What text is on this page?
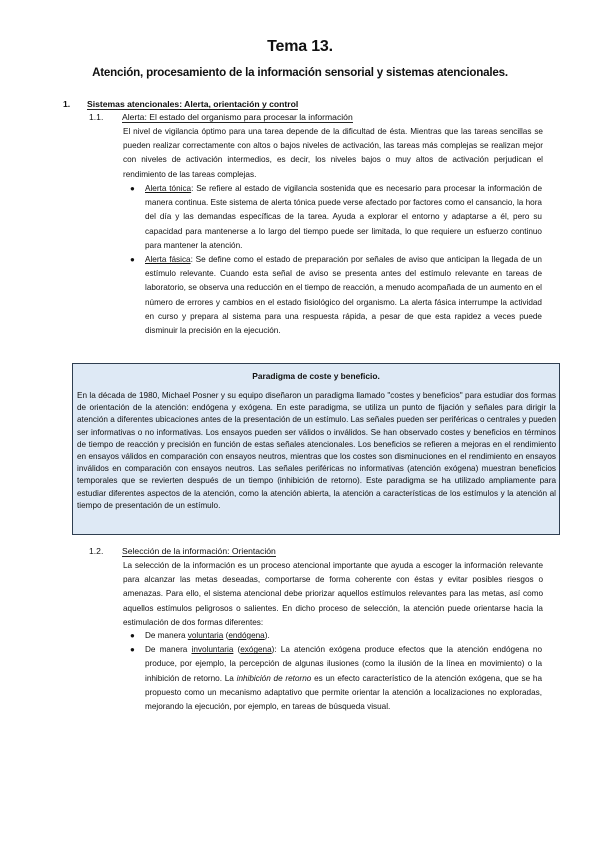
Tema 13.
Atención, procesamiento de la información sensorial y sistemas atencionales.
1. Sistemas atencionales: Alerta, orientación y control
1.1. Alerta: El estado del organismo para procesar la información

El nivel de vigilancia óptimo para una tarea depende de la dificultad de ésta. Mientras que las tareas sencillas se pueden realizar correctamente con altos o bajos niveles de activación, las tareas más complejas se realizan mejor con niveles de activación intermedios, es decir, los niveles bajos o muy altos de activación perjudican el rendimiento de las tareas complejas.

● Alerta tónica: Se refiere al estado de vigilancia sostenida que es necesario para procesar la información de manera continua. Este sistema de alerta tónica puede verse afectado por factores como el cansancio, la hora del día y las demandas específicas de la tarea. Ayuda a explorar el entorno y adaptarse a él, pero su capacidad para mantenerse a lo largo del tiempo puede ser limitada, lo que requiere un esfuerzo continuo para mantener la atención.
● Alerta fásica: Se define como el estado de preparación por señales de aviso que anticipan la llegada de un estímulo relevante. Cuando esta señal de aviso se presenta antes del estímulo relevante en tareas de laboratorio, se observa una reducción en el tiempo de reacción, a menudo acompañada de un aumento en el número de errores y cambios en el estado fisiológico del organismo. La alerta fásica interrumpe la actividad en curso y prepara al sistema para una respuesta rápida, a pesar de que esta rapidez a veces puede disminuir la precisión en la ejecución.
Paradigma de coste y beneficio.

En la década de 1980, Michael Posner y su equipo diseñaron un paradigma llamado "costes y beneficios" para estudiar dos formas de orientación de la atención: endógena y exógena. En este paradigma, se utiliza un punto de fijación y señales para dirigir la atención a diferentes ubicaciones antes de la presentación de un estímulo. Las señales pueden ser periféricas o centrales y pueden ser informativas o no informativas. Los ensayos pueden ser válidos o inválidos. Se han observado costes y beneficios en términos de tiempo de reacción y precisión en función de estas señales atencionales. Los beneficios se refieren a mejoras en el rendimiento en ensayos válidos en comparación con ensayos neutros, mientras que los costes son disminuciones en el rendimiento en ensayos inválidos en comparación con ensayos neutros. Las señales periféricas no informativas (atención exógena) muestran beneficios temporales que se revierten después de un tiempo (inhibición de retorno). Este paradigma se ha utilizado ampliamente para estudiar diferentes aspectos de la atención, como la atención abierta, la atención a características de los estímulos y la atención al tiempo de presentación de un estímulo.

1.2. Selección de la información: Orientación

La selección de la información es un proceso atencional importante que ayuda a escoger la información relevante para alcanzar las metas deseadas, comportarse de forma coherente con éstas y evitar posibles riesgos o amenazas. Para ello, el sistema atencional debe priorizar aquellos estímulos relevantes para las metas, así como aquellos estímulos peligrosos o salientes. En dicho proceso de selección, la atención puede orientarse hacia la estimulación de dos formas diferentes:

● De manera voluntaria (endógena).
● De manera involuntaria (exógena): La atención exógena produce efectos que la atención endógena no produce, por ejemplo, la percepción de algunas ilusiones (como la ilusión de la línea en movimiento) o la inhibición de retorno. La inhibición de retorno es un efecto característico de la atención exógena, que se ha propuesto como un mecanismo adaptativo que permite orientar la atención a localizaciones no exploradas, mejorando la ejecución, por ejemplo, en tareas de búsqueda visual.
